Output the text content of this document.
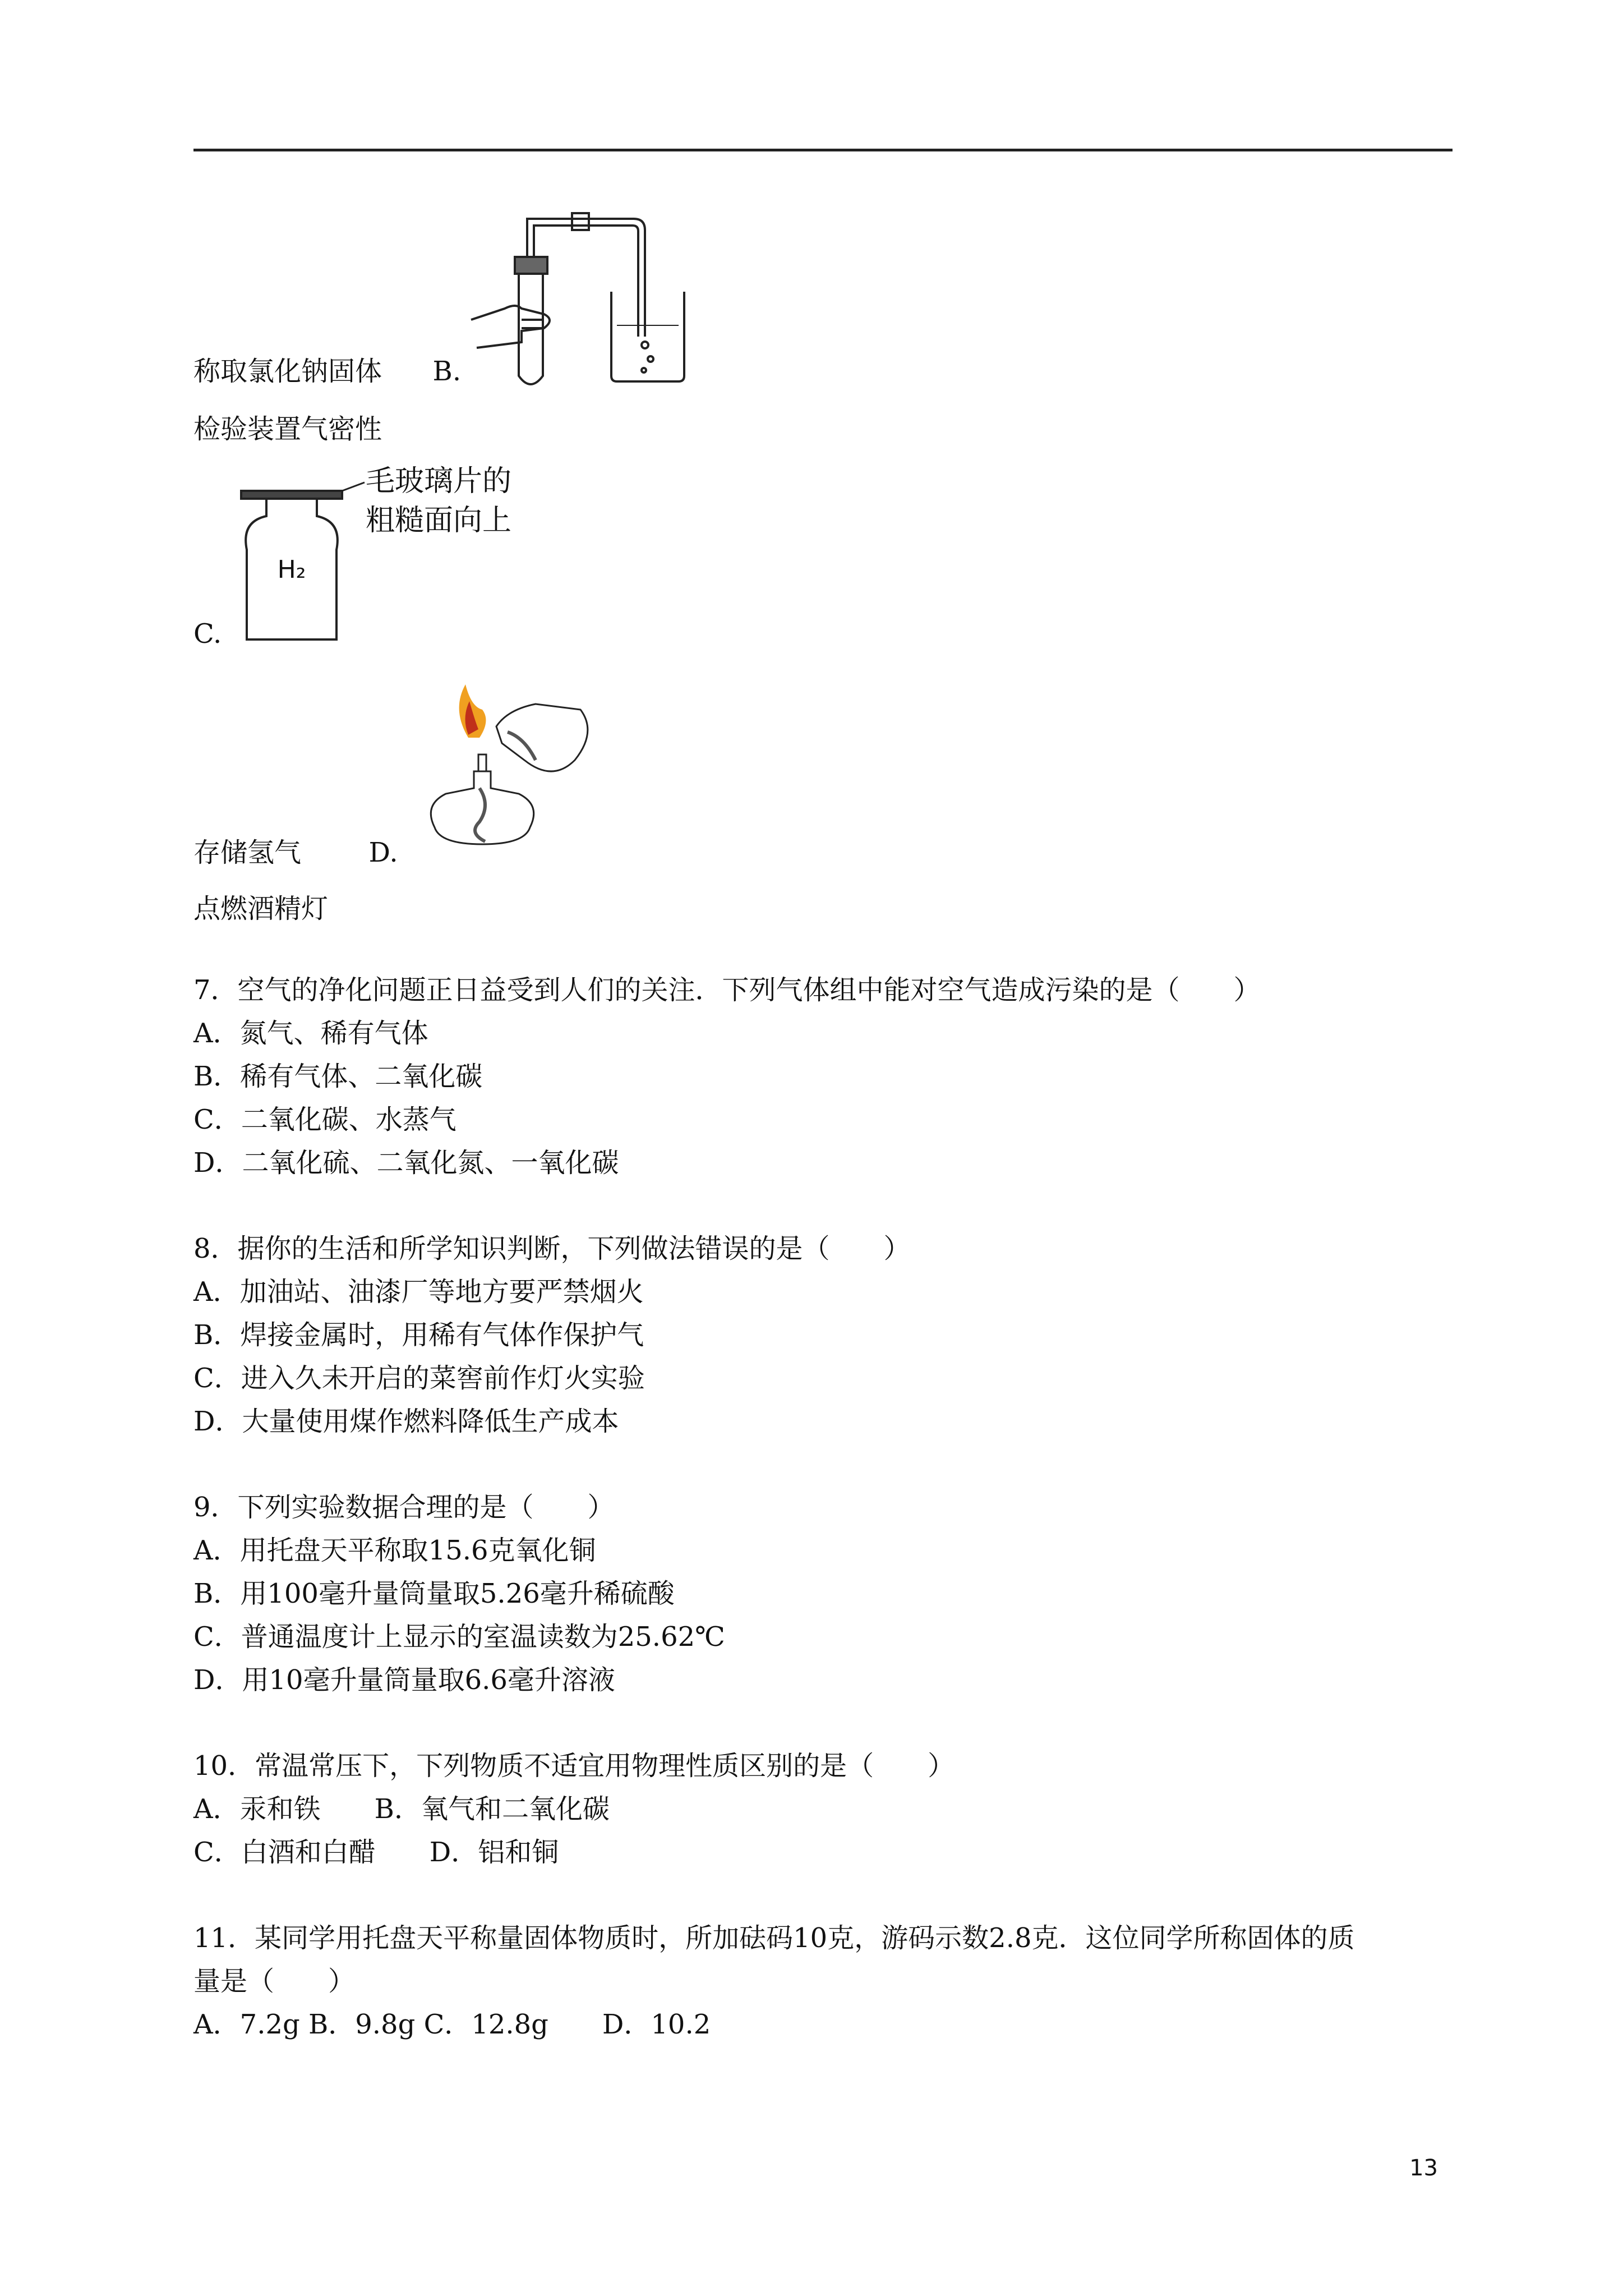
称取氯化钠固体 B.
检验装置气密性
H₂
毛玻璃片的
粗糙面向上
C.
存储氢气	D.
点燃酒精灯
7．空气的净化问题正日益受到人们的关注．下列气体组中能对空气造成污染的是（　　）
A．氮气、稀有气体
B．稀有气体、二氧化碳
C．二氧化碳、水蒸气
D．二氧化硫、二氧化氮、一氧化碳
8．据你的生活和所学知识判断，下列做法错误的是（　　）
A．加油站、油漆厂等地方要严禁烟火
B．焊接金属时，用稀有气体作保护气
C．进入久未开启的菜窖前作灯火实验
D．大量使用煤作燃料降低生产成本
9．下列实验数据合理的是（　　）
A．用托盘天平称取15.6克氧化铜
B．用100毫升量筒量取5.26毫升稀硫酸
C．普通温度计上显示的室温读数为25.62℃
D．用10毫升量筒量取6.6毫升溶液
10．常温常压下，下列物质不适宜用物理性质区别的是（　　）
A．汞和铁　　B．氧气和二氧化碳
C．白酒和白醋　　D．铝和铜
11．某同学用托盘天平称量固体物质时，所加砝码10克，游码示数2.8克．这位同学所称固体的质
量是（　　）
A．7.2g B．9.8g C．12.8g　　D．10.2
13
